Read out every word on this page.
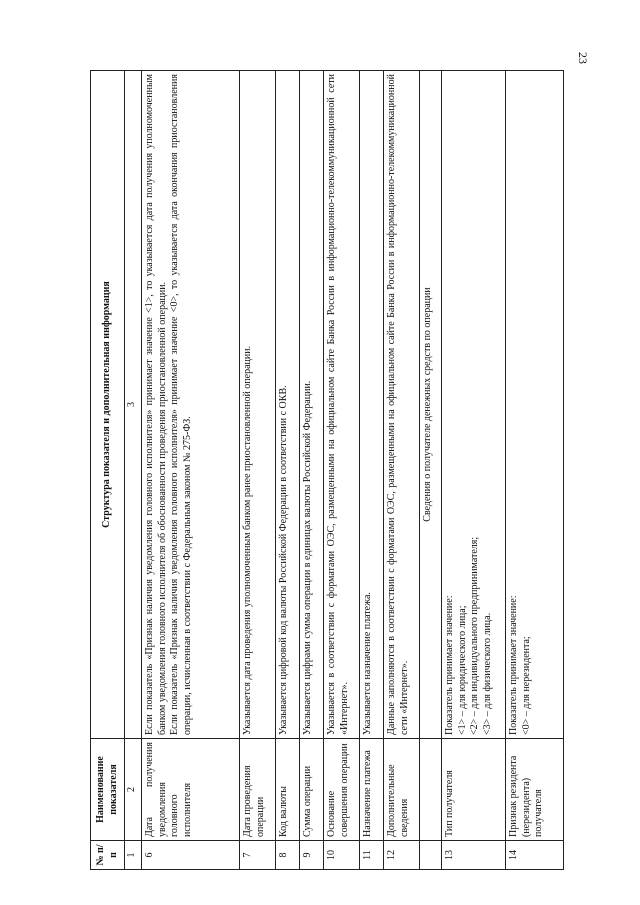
23
№ п/п	Наименование показателя	Структура показателя и дополнительная информация
1	2	3
6	Дата получения уведомления головного исполнителя	Если показатель «Признак наличия уведомления головного исполнителя» принимает значение <1>, то указывается дата получения уполномоченным банком уведомления головного исполнителя об обоснованности проведения приостановленной операции. Если показатель «Признак наличия уведомления головного исполнителя» принимает значение <0>, то указывается дата окончания приостановления операции, исчисленная в соответствии с Федеральным законом № 275-ФЗ.

7	Дата проведения операции	Указывается дата проведения уполномоченным банком ранее приостановленной операции.
8	Код валюты	Указывается цифровой код валюты Российской Федерации в соответствии с ОКВ.
9	Сумма операции	Указывается цифрами сумма операции в единицах валюты Российской Федерации.
10	Основание совершения операции	Указывается в соответствии с форматами ОЭС, размещенными на официальном сайте Банка России в информационно-телекоммуникационной сети «Интернет».
11	Назначение платежа	Указывается назначение платежа.
12	Дополнительные сведения	Данные заполняются в соответствии с форматами ОЭС, размещенными на официальном сайте Банка России в информационно-телекоммуникационной сети «Интернет».
		Сведения о получателе денежных средств по операции
13	Тип получателя	Показатель принимает значение: <1> – для юридического лица; <2> – для индивидуального предпринимателя; <3> – для физического лица.

14	Признак резидента (нерезидента) получателя	Показатель принимает значение: <0> – для нерезидента;
